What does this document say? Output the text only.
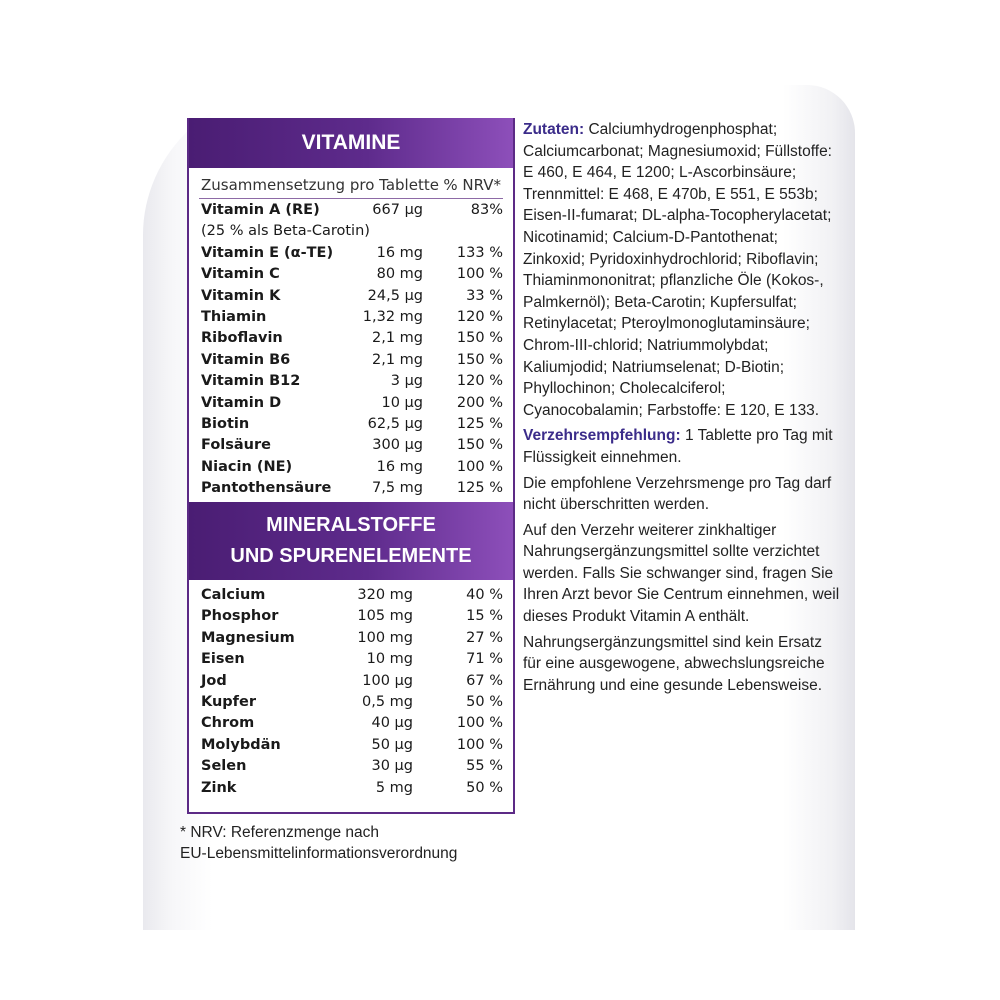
VITAMINE
Zusammensetzung pro Tablette % NRV*
Vitamin A (RE)	667 µg	83%
(25 % als Beta-Carotin)
Vitamin E (α-TE)	16 mg 133 %
Vitamin C	80 mg 100 %
Vitamin K	24,5 µg	33 %
Thiamin	1,32 mg 120 %
Riboflavin	2,1 mg 150 %
Vitamin B6	2,1 mg 150 %
Vitamin B12	3 µg 120 %
Vitamin D	10 µg 200 %
Biotin	62,5 µg 125 %
Folsäure	300 µg 150 %
Niacin (NE)	16 mg 100 %
Pantothensäure	7,5 mg 125 %
MINERALSTOFFE
UND SPURENELEMENTE
Calcium	320 mg	40 %
Phosphor	105 mg	15 %
Magnesium	100 mg	27 %
Eisen	10 mg	71 %
Jod	100 µg	67 %
Kupfer	0,5 mg	50 %
Chrom	40 µg	100 %
Molybdän	50 µg	100 %
Selen	30 µg	55 %
Zink	5 mg	50 %
* NRV: Referenzmenge nach
EU-Lebensmittelinformationsverordnung

Zutaten: Calciumhydrogenphosphat; Calciumcarbonat; Magnesiumoxid; Füllstoffe: E 460, E 464, E 1200; L-Ascorbinsäure; Trennmittel: E 468, E 470b, E 551, E 553b; Eisen-II-fumarat; DL-alpha-Tocopherylacetat; Nicotinamid; Calcium-D-Pantothenat; Zinkoxid; Pyridoxinhydrochlorid; Riboflavin; Thiaminmononitrat; pflanzliche Öle (Kokos-, Palmkernöl); Beta-Carotin; Kupfersulfat; Retinylacetat; Pteroylmonoglutaminsäure; Chrom-III-chlorid; Natriummolybdat; Kaliumjodid; Natriumselenat; D-Biotin; Phyllochinon; Cholecalciferol; Cyanocobalamin; Farbstoffe: E 120, E 133.

Verzehrsempfehlung: 1 Tablette pro Tag mit Flüssigkeit einnehmen.

Die empfohlene Verzehrsmenge pro Tag darf nicht überschritten werden.

Auf den Verzehr weiterer zinkhaltiger Nahrungsergänzungsmittel sollte verzichtet werden. Falls Sie schwanger sind, fragen Sie Ihren Arzt bevor Sie Centrum einnehmen, weil dieses Produkt Vitamin A enthält.

Nahrungsergänzungsmittel sind kein Ersatz für eine ausgewogene, abwechslungsreiche Ernährung und eine gesunde Lebensweise.
